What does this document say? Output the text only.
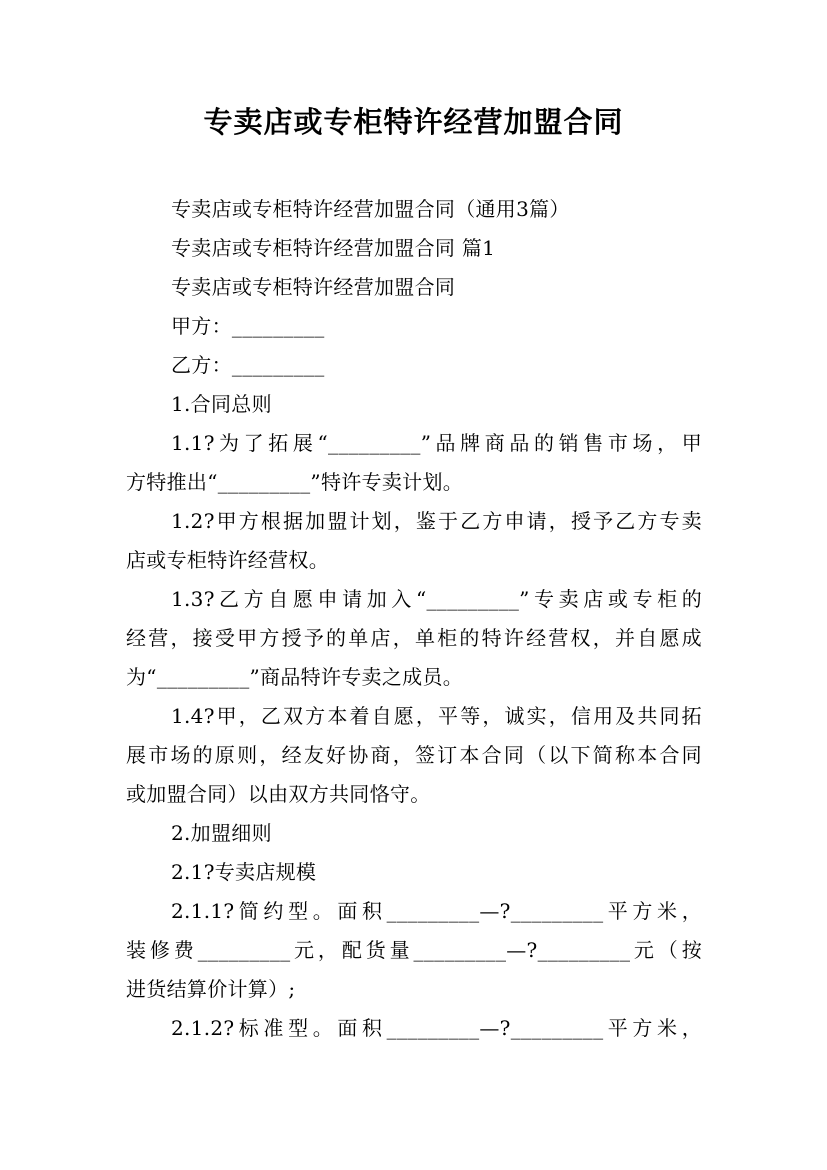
专卖店或专柜特许经营加盟合同
专卖店或专柜特许经营加盟合同（通用3篇）
专卖店或专柜特许经营加盟合同 篇1
专卖店或专柜特许经营加盟合同
甲方：_________
乙方：_________
1.合同总则
1.1?为了拓展“_________”品牌商品的销售市场，甲
方特推出“_________”特许专卖计划。
1.2?甲方根据加盟计划，鉴于乙方申请，授予乙方专卖
店或专柜特许经营权。
1.3?乙方自愿申请加入“_________”专卖店或专柜的
经营，接受甲方授予的单店，单柜的特许经营权，并自愿成
为“_________”商品特许专卖之成员。
1.4?甲，乙双方本着自愿，平等，诚实，信用及共同拓
展市场的原则，经友好协商，签订本合同（以下简称本合同
或加盟合同）以由双方共同恪守。
2.加盟细则
2.1?专卖店规模
2.1.1?简约型。面积_________—?_________平方米，
装修费_________元，配货量_________—?_________元（按
进货结算价计算）;
2.1.2?标准型。面积_________—?_________平方米，
